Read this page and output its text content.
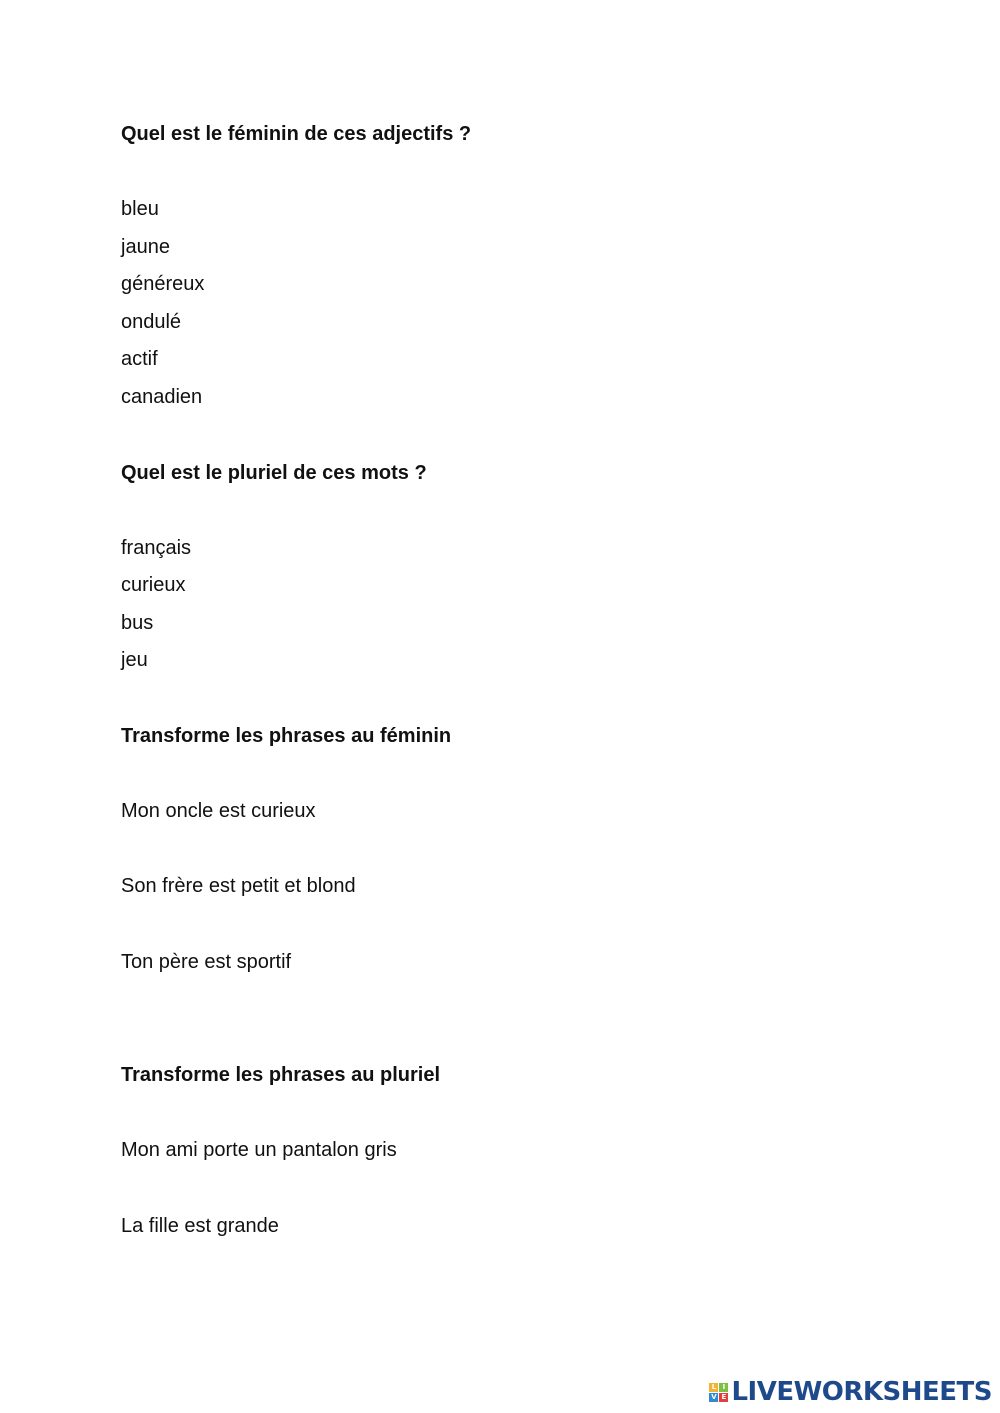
Quel est le féminin de ces adjectifs ?
bleu
jaune
généreux
ondulé
actif
canadien
Quel est le pluriel de ces mots ?
français
curieux
bus
jeu
Transforme les phrases au féminin
Mon oncle est curieux
Son frère est petit et blond
Ton père est sportif
Transforme les phrases au pluriel
Mon ami porte un pantalon gris
La fille est grande
L I
V E LIVEWORKSHEETS
